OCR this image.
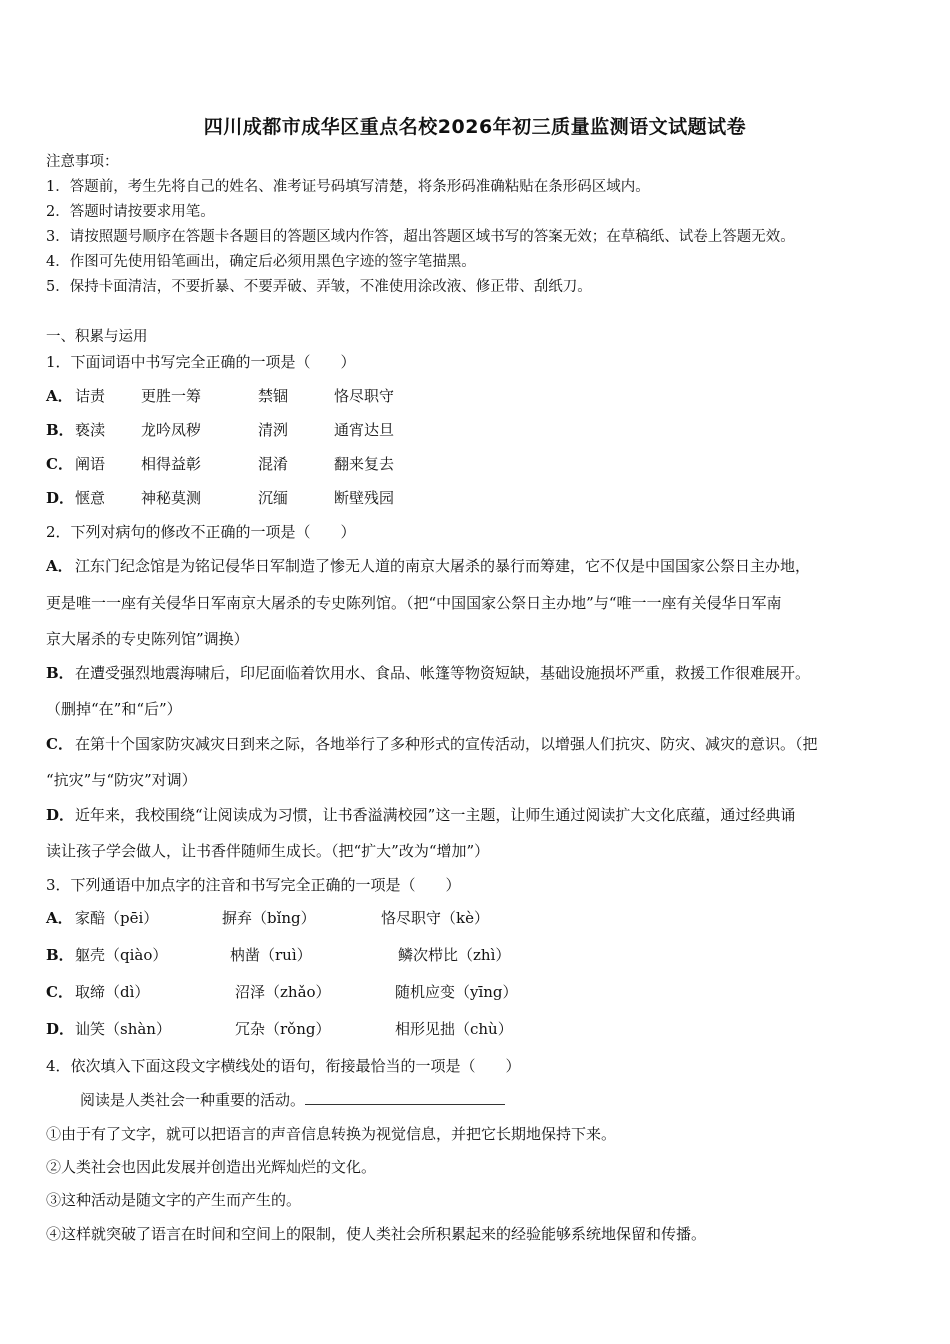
四川成都市成华区重点名校2026年初三质量监测语文试题试卷
注意事项：
1．答题前，考生先将自己的姓名、准考证号码填写清楚，将条形码准确粘贴在条形码区域内。
2．答题时请按要求用笔。
3．请按照题号顺序在答题卡各题目的答题区域内作答，超出答题区域书写的答案无效；在草稿纸、试卷上答题无效。
4．作图可先使用铅笔画出，确定后必须用黑色字迹的签字笔描黑。
5．保持卡面清洁，不要折暴、不要弄破、弄皱，不准使用涂改液、修正带、刮纸刀。
一、积累与运用
1．下面词语中书写完全正确的一项是（　　）
A． 诘责 更胜一筹	禁锢	恪尽职守
B． 亵渎 龙吟凤秽	清洌	通宵达旦
C． 阐语 相得益彰	混淆	翻来复去
D． 惬意 神秘莫测	沉缅	断壁残园
2．下列对病句的修改不正确的一项是（　　）
A． 江东门纪念馆是为铭记侵华日军制造了惨无人道的南京大屠杀的暴行而筹建，它不仅是中国国家公祭日主办地，
更是唯一一座有关侵华日军南京大屠杀的专史陈列馆。（把“中国国家公祭日主办地”与“唯一一座有关侵华日军南
京大屠杀的专史陈列馆”调换）
B． 在遭受强烈地震海啸后，印尼面临着饮用水、食品、帐篷等物资短缺，基础设施损坏严重，救援工作很难展开。
（删掉“在”和“后”）
C． 在第十个国家防灾减灾日到来之际，各地举行了多种形式的宣传活动，以增强人们抗灾、防灾、减灾的意识。（把
“抗灾”与“防灾”对调）
D． 近年来，我校围绕“让阅读成为习惯，让书香溢满校园”这一主题，让师生通过阅读扩大文化底蕴，通过经典诵
读让孩子学会做人，让书香伴随师生成长。（把“扩大”改为“增加”）
3．下列通语中加点字的注音和书写完全正确的一项是（　　）
A． 家醅（pēi）	摒弃（bǐng）	恪尽职守（kè）
B． 躯壳（qiào）	枘凿（ruì）	鳞次栉比（zhì）
C． 取缔（dì）	沼泽（zhǎo）	随机应变（yīng）
D． 讪笑（shàn）	冗杂（rǒng）	相形见拙（chù）
4．依次填入下面这段文字横线处的语句，衔接最恰当的一项是（　　）
阅读是人类社会一种重要的活动。
①由于有了文字，就可以把语言的声音信息转换为视觉信息，并把它长期地保持下来。
②人类社会也因此发展并创造出光辉灿烂的文化。
③这种活动是随文字的产生而产生的。
④这样就突破了语言在时间和空间上的限制，使人类社会所积累起来的经验能够系统地保留和传播。
